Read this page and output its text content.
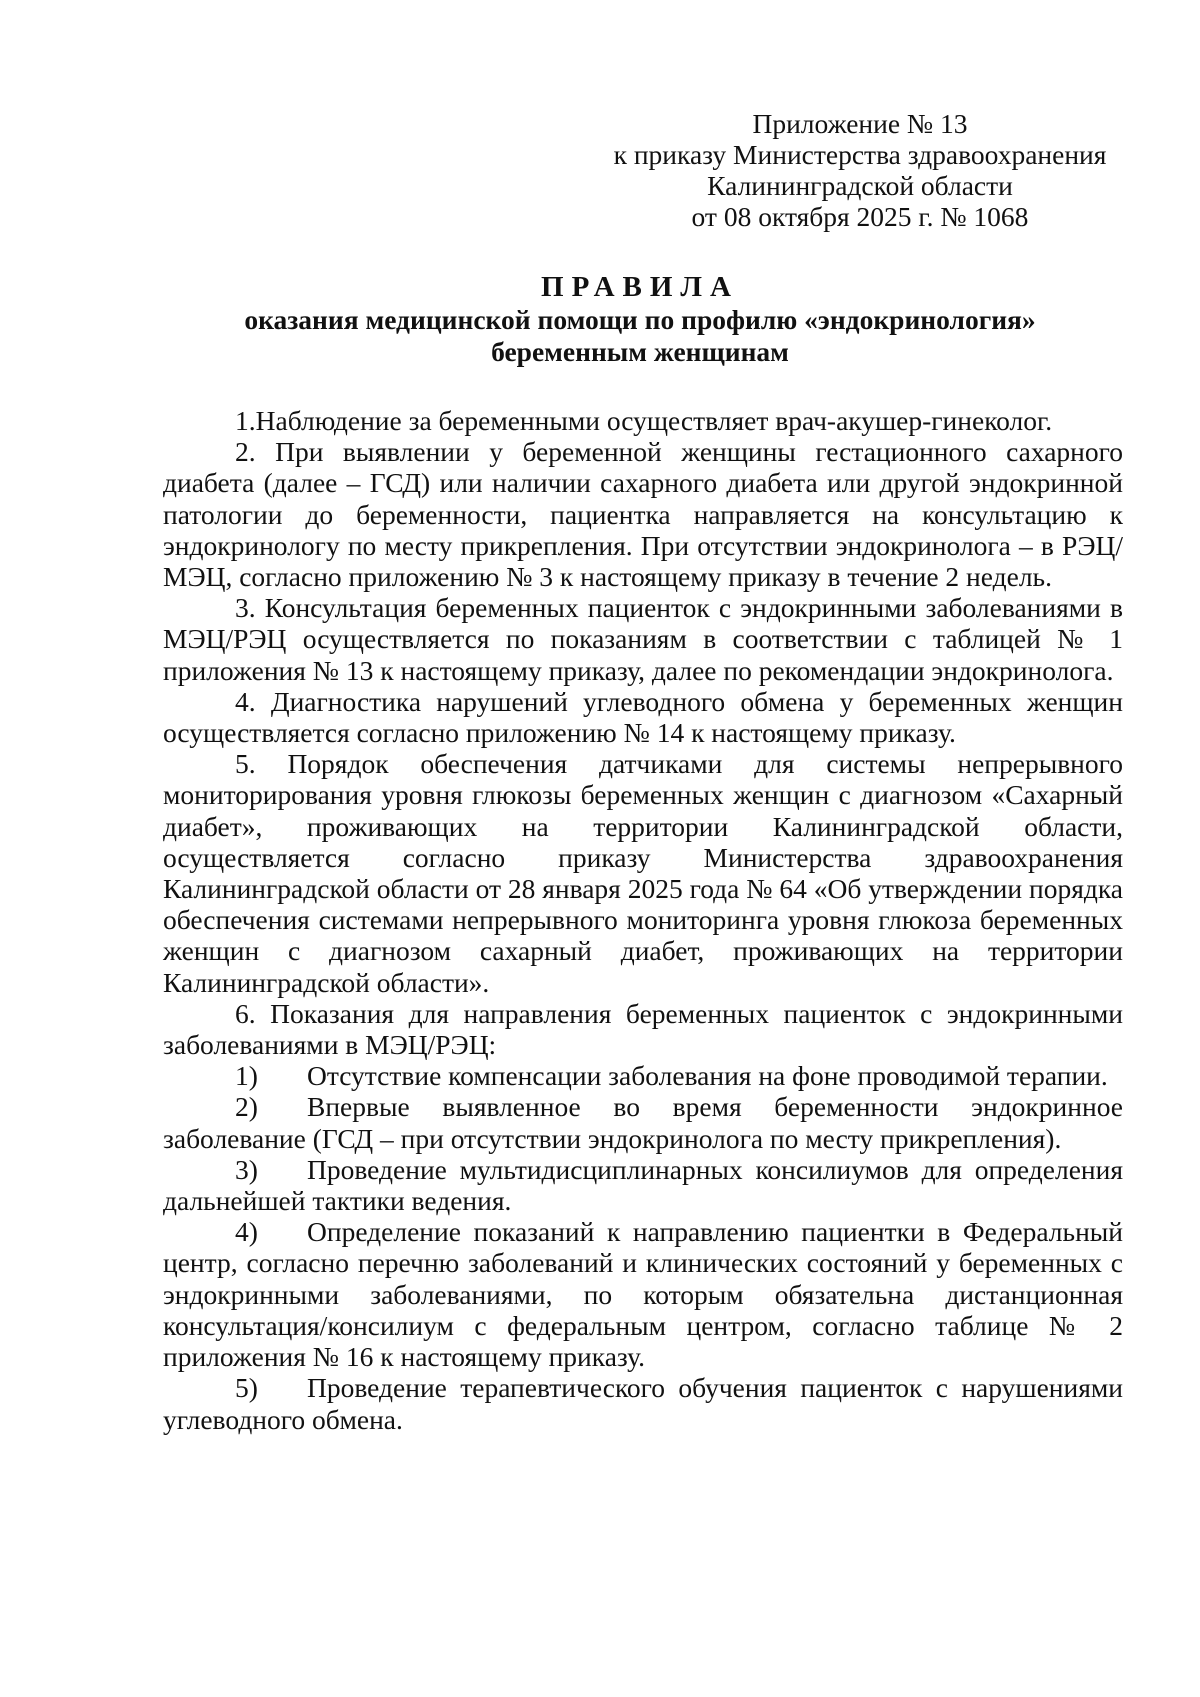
Приложение № 13
к приказу Министерства здравоохранения
Калининградской области
от 08 октября 2025 г. № 1068
ПРАВИЛА
оказания медицинской помощи по профилю «эндокринология»
беременным женщинам

1.Наблюдение за беременными осуществляет врач-акушер-гинеколог.

2. При выявлении у беременной женщины гестационного сахарного диабета (далее – ГСД) или наличии сахарного диабета или другой эндокринной патологии до беременности, пациентка направляется на консультацию к эндокринологу по месту прикрепления. При отсутствии эндокринолога – в РЭЦ/МЭЦ, согласно приложению № 3 к настоящему приказу в течение 2 недель.

3. Консультация беременных пациенток с эндокринными заболеваниями в МЭЦ/РЭЦ осуществляется по показаниям в соответствии с таблицей № 1 приложения № 13 к настоящему приказу, далее по рекомендации эндокринолога.

4. Диагностика нарушений углеводного обмена у беременных женщин осуществляется согласно приложению № 14 к настоящему приказу.

5. Порядок обеспечения датчиками для системы непрерывного мониторирования уровня глюкозы беременных женщин с диагнозом «Сахарный диабет», проживающих на территории Калининградской области, осуществляется согласно приказу Министерства здравоохранения Калининградской области от 28 января 2025 года № 64 «Об утверждении порядка обеспечения системами непрерывного мониторинга уровня глюкоза беременных женщин с диагнозом сахарный диабет, проживающих на территории Калининградской области».

6. Показания для направления беременных пациенток с эндокринными заболеваниями в МЭЦ/РЭЦ:

1) Отсутствие компенсации заболевания на фоне проводимой терапии.

2) Впервые выявленное во время беременности эндокринное заболевание (ГСД – при отсутствии эндокринолога по месту прикрепления).

3) Проведение мультидисциплинарных консилиумов для определения дальнейшей тактики ведения.

4) Определение показаний к направлению пациентки в Федеральный центр, согласно перечню заболеваний и клинических состояний у беременных с эндокринными заболеваниями, по которым обязательна дистанционная консультация/консилиум с федеральным центром, согласно таблице № 2 приложения № 16 к настоящему приказу.

5) Проведение терапевтического обучения пациенток с нарушениями углеводного обмена.
